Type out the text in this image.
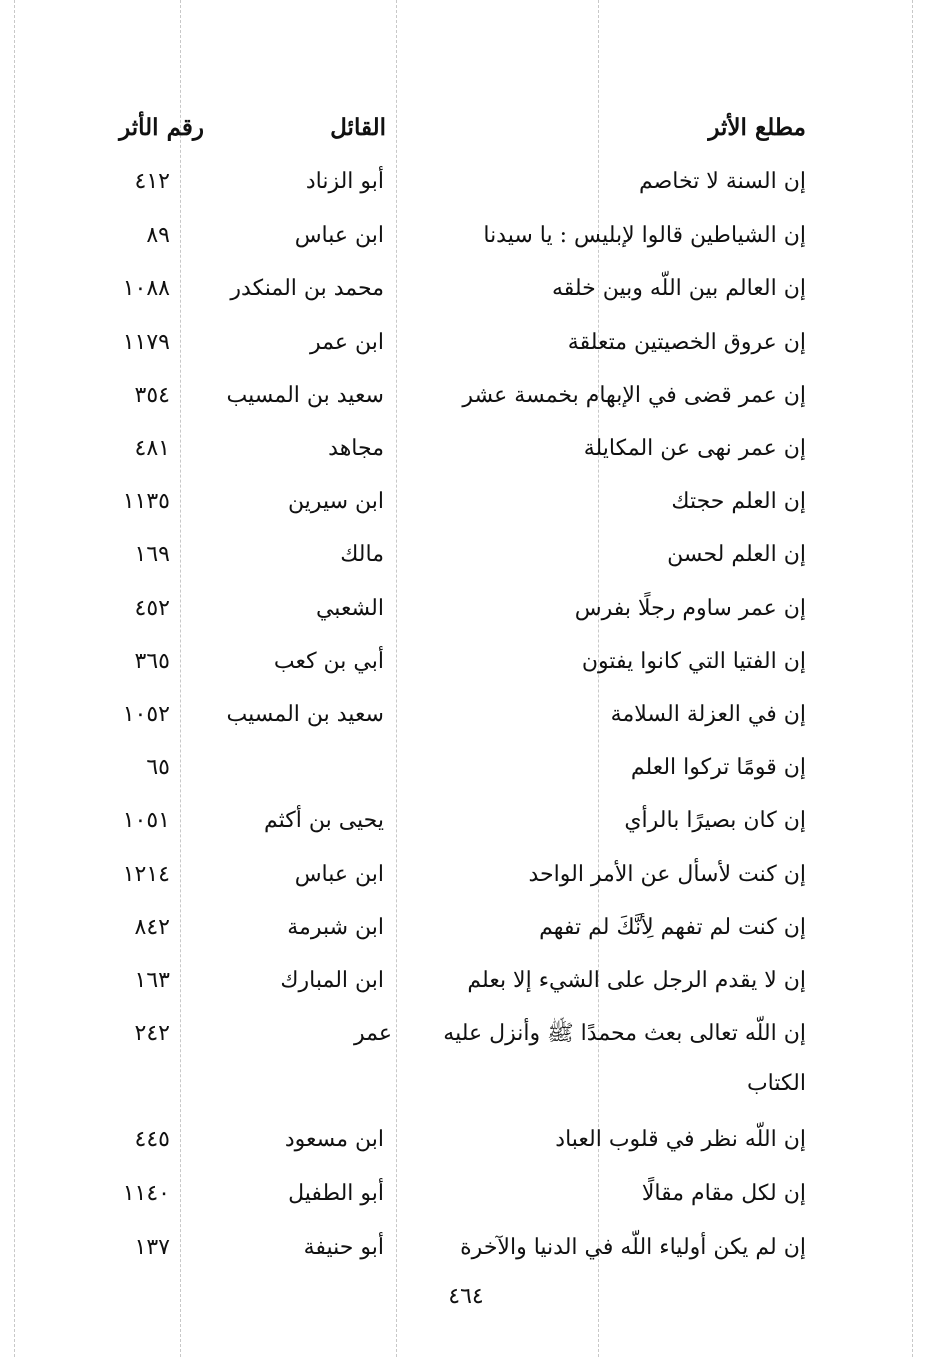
مطلع الأثر
القائل
رقم الأثر
إن السنة لا تخاصم
أبو الزناد
٤١٢
إن الشياطين قالوا لإبليس : يا سيدنا
ابن عباس
٨٩
إن العالم بين اللّه وبين خلقه
محمد بن المنكدر
١٠٨٨
إن عروق الخصيتين متعلقة
ابن عمر
١١٧٩
إن عمر قضى في الإبهام بخمسة عشر
سعيد بن المسيب
٣٥٤
إن عمر نهى عن المكايلة
مجاهد
٤٨١
إن العلم حجتك
ابن سيرين
١١٣٥
إن العلم لحسن
مالك
١٦٩
إن عمر ساوم رجلًا بفرس
الشعبي
٤٥٢
إن الفتيا التي كانوا يفتون
أبي بن كعب
٣٦٥
إن في العزلة السلامة
سعيد بن المسيب
١٠٥٢
إن قومًا تركوا العلم
٦٥
إن كان بصيرًا بالرأي
يحيى بن أكثم
١٠٥١
إن كنت لأسأل عن الأمر الواحد
ابن عباس
١٢١٤
إن كنت لم تفهم لِأنَّكَ لم تفهم
ابن شبرمة
٨٤٢
إن لا يقدم الرجل على الشيء إلا بعلم
ابن المبارك
١٦٣
إن اللّه تعالى بعث محمدًا ﷺ وأنزل عليه
عمر
٢٤٢
الكتاب
إن اللّه نظر في قلوب العباد
ابن مسعود
٤٤٥
إن لكل مقام مقالًا
أبو الطفيل
١١٤٠
إن لم يكن أولياء اللّه في الدنيا والآخرة
أبو حنيفة
١٣٧
٤٦٤
